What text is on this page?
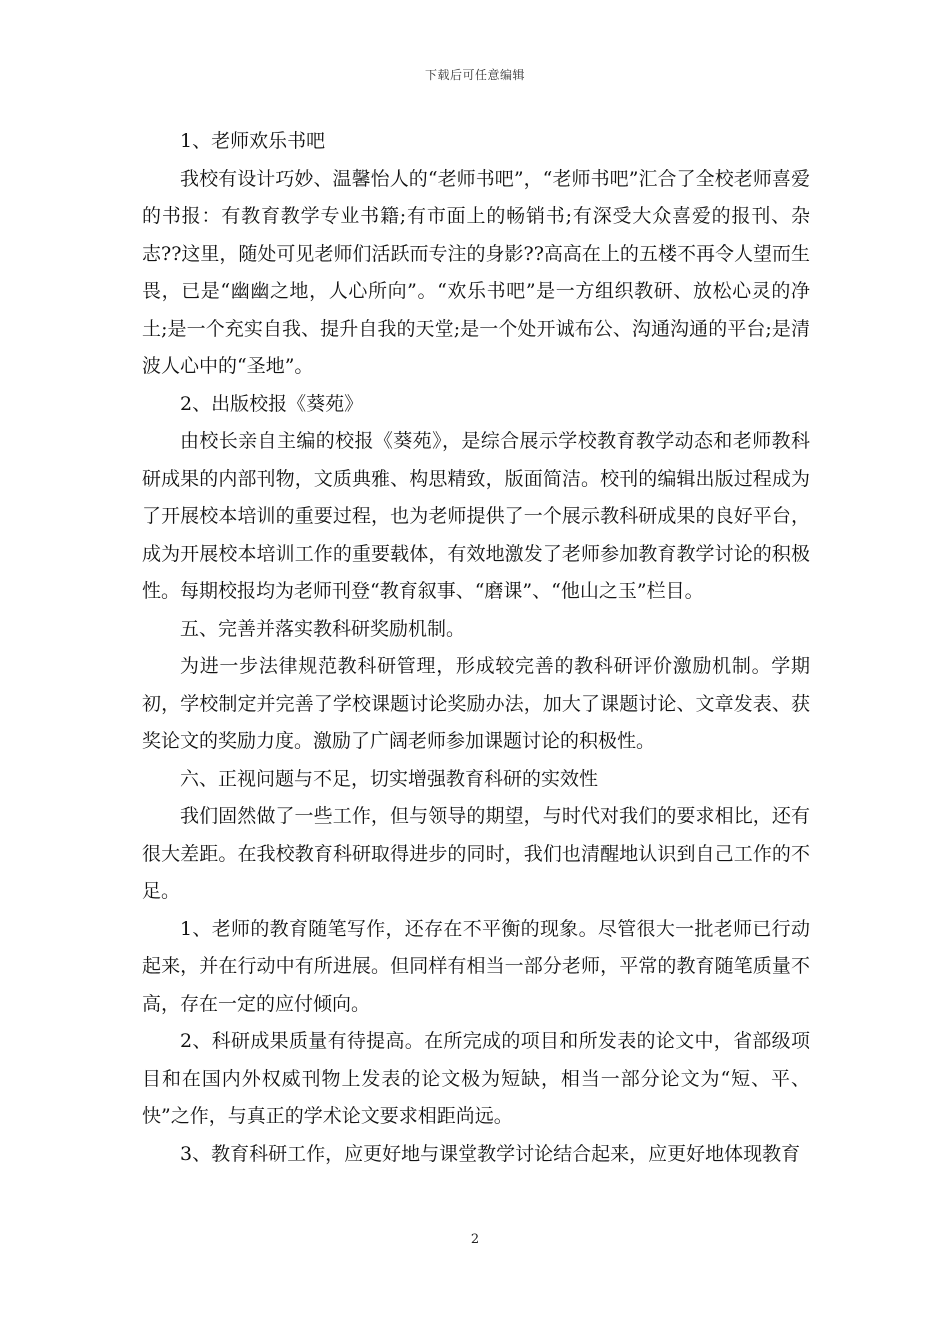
下载后可任意编辑

1、老师欢乐书吧

我校有设计巧妙、温馨怡人的“老师书吧”，“老师书吧”汇合了全校老师喜爱的书报：有教育教学专业书籍;有市面上的畅销书;有深受大众喜爱的报刊、杂志??这里，随处可见老师们活跃而专注的身影??高高在上的五楼不再令人望而生畏，已是“幽幽之地，人心所向”。“欢乐书吧”是一方组织教研、放松心灵的净土;是一个充实自我、提升自我的天堂;是一个处开诚布公、沟通沟通的平台;是清波人心中的“圣地”。

2、出版校报《葵苑》

由校长亲自主编的校报《葵苑》，是综合展示学校教育教学动态和老师教科研成果的内部刊物，文质典雅、构思精致，版面简洁。校刊的编辑出版过程成为了开展校本培训的重要过程，也为老师提供了一个展示教科研成果的良好平台，成为开展校本培训工作的重要载体，有效地激发了老师参加教育教学讨论的积极性。每期校报均为老师刊登“教育叙事、“磨课”、“他山之玉”栏目。

五、完善并落实教科研奖励机制。

为进一步法律规范教科研管理，形成较完善的教科研评价激励机制。学期初，学校制定并完善了学校课题讨论奖励办法，加大了课题讨论、文章发表、获奖论文的奖励力度。激励了广阔老师参加课题讨论的积极性。

六、正视问题与不足，切实增强教育科研的实效性

我们固然做了一些工作，但与领导的期望，与时代对我们的要求相比，还有很大差距。在我校教育科研取得进步的同时，我们也清醒地认识到自己工作的不足。

1、老师的教育随笔写作，还存在不平衡的现象。尽管很大一批老师已行动起来，并在行动中有所进展。但同样有相当一部分老师，平常的教育随笔质量不高，存在一定的应付倾向。

2、科研成果质量有待提高。在所完成的项目和所发表的论文中，省部级项目和在国内外权威刊物上发表的论文极为短缺，相当一部分论文为“短、平、快”之作，与真正的学术论文要求相距尚远。

3、教育科研工作，应更好地与课堂教学讨论结合起来，应更好地体现教育

2
